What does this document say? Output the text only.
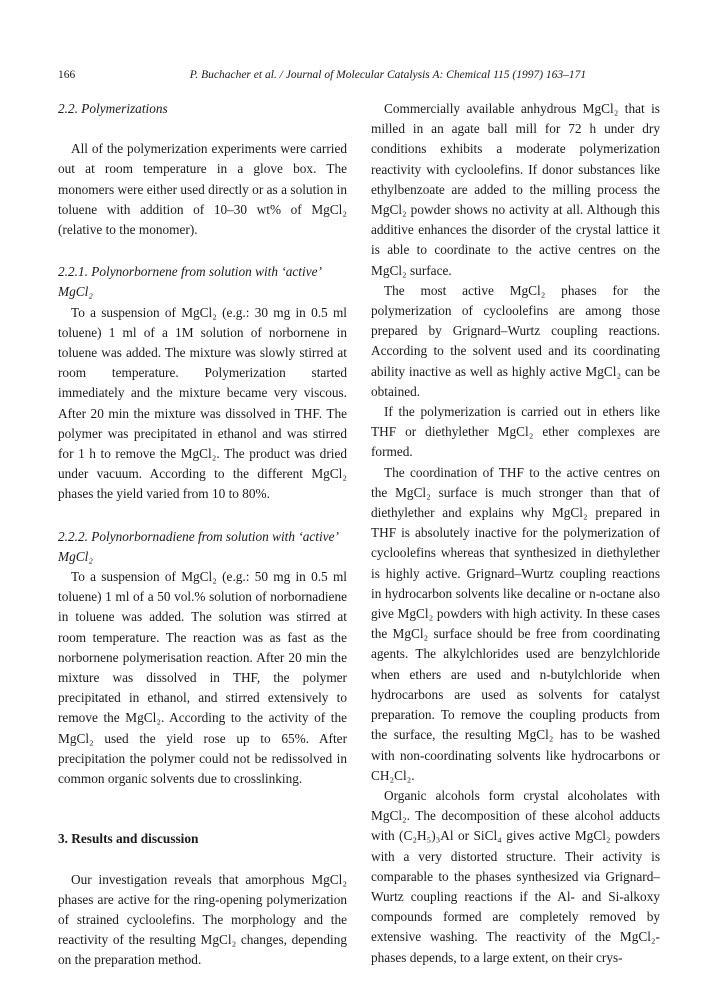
166	P. Buchacher et al. / Journal of Molecular Catalysis A: Chemical 115 (1997) 163–171

2.2. Polymerizations

All of the polymerization experiments were carried out at room temperature in a glove box. The monomers were either used directly or as a solution in toluene with addition of 10–30 wt% of MgCl₂ (relative to the monomer).

2.2.1. Polynorbornene from solution with ‘active’ MgCl₂

To a suspension of MgCl₂ (e.g.: 30 mg in 0.5 ml toluene) 1 ml of a 1M solution of norbornene in toluene was added. The mixture was slowly stirred at room temperature. Polymerization started immediately and the mixture became very viscous. After 20 min the mixture was dissolved in THF. The polymer was precipitated in ethanol and was stirred for 1 h to remove the MgCl₂. The product was dried under vacuum. According to the different MgCl₂ phases the yield varied from 10 to 80%.

2.2.2. Polynorbornadiene from solution with ‘active’ MgCl₂

To a suspension of MgCl₂ (e.g.: 50 mg in 0.5 ml toluene) 1 ml of a 50 vol.% solution of norbornadiene in toluene was added. The solution was stirred at room temperature. The reaction was as fast as the norbornene polymerisation reaction. After 20 min the mixture was dissolved in THF, the polymer precipitated in ethanol, and stirred extensively to remove the MgCl₂. According to the activity of the MgCl₂ used the yield rose up to 65%. After precipitation the polymer could not be redissolved in common organic solvents due to crosslinking.

3. Results and discussion

Our investigation reveals that amorphous MgCl₂ phases are active for the ring-opening polymerization of strained cycloolefins. The morphology and the reactivity of the resulting MgCl₂ changes, depending on the preparation method.

Commercially available anhydrous MgCl₂ that is milled in an agate ball mill for 72 h under dry conditions exhibits a moderate polymerization reactivity with cycloolefins. If donor substances like ethylbenzoate are added to the milling process the MgCl₂ powder shows no activity at all. Although this additive enhances the disorder of the crystal lattice it is able to coordinate to the active centres on the MgCl₂ surface.

The most active MgCl₂ phases for the polymerization of cycloolefins are among those prepared by Grignard–Wurtz coupling reactions. According to the solvent used and its coordinating ability inactive as well as highly active MgCl₂ can be obtained.

If the polymerization is carried out in ethers like THF or diethylether MgCl₂ ether complexes are formed.

The coordination of THF to the active centres on the MgCl₂ surface is much stronger than that of diethylether and explains why MgCl₂ prepared in THF is absolutely inactive for the polymerization of cycloolefins whereas that synthesized in diethylether is highly active. Grignard–Wurtz coupling reactions in hydrocarbon solvents like decaline or n-octane also give MgCl₂ powders with high activity. In these cases the MgCl₂ surface should be free from coordinating agents. The alkylchlorides used are benzylchloride when ethers are used and n-butylchloride when hydrocarbons are used as solvents for catalyst preparation. To remove the coupling products from the surface, the resulting MgCl₂ has to be washed with non-coordinating solvents like hydrocarbons or CH₂Cl₂.

Organic alcohols form crystal alcoholates with MgCl₂. The decomposition of these alcohol adducts with (C₂H₅)₃Al or SiCl₄ gives active MgCl₂ powders with a very distorted structure. Their activity is comparable to the phases synthesized via Grignard–Wurtz coupling reactions if the Al- and Si-alkoxy compounds formed are completely removed by extensive washing. The reactivity of the MgCl₂-phases depends, to a large extent, on their crys-
